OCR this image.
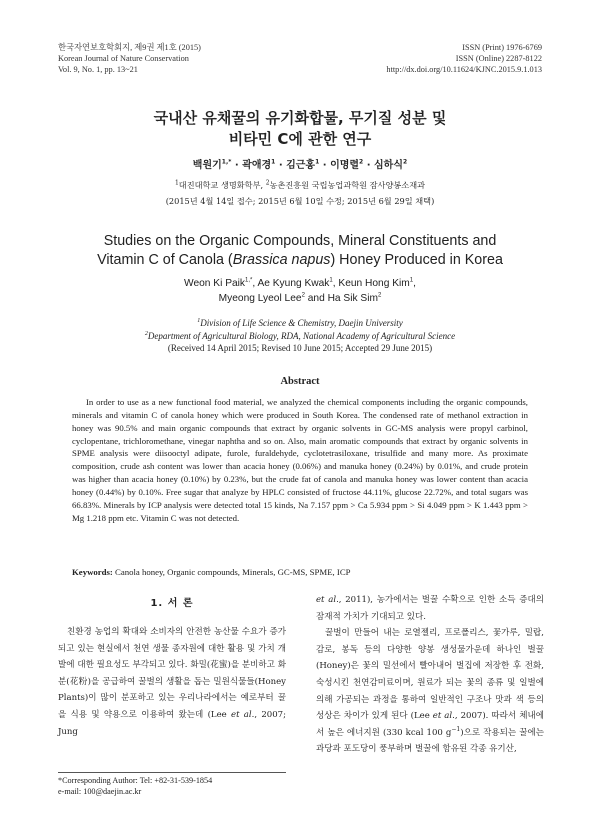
한국자연보호학회지, 제9권 제1호 (2015)
Korean Journal of Nature Conservation
Vol. 9, No. 1, pp. 13~21
ISSN (Print) 1976-6769
ISSN (Online) 2287-8122
http://dx.doi.org/10.11624/KJNC.2015.9.1.013
국내산 유채꿀의 유기화합물, 무기질 성분 및
비타민 C에 관한 연구
백원기$^{1,*}$ · 곽애경$^1$ · 김근홍$^1$ · 이명렬$^2$ · 심하식$^2$
$^1$대진대학교 생명화학부, $^2$농촌진흥원 국립농업과학원 잠사양봉소재과
(2015년 4월 14일 접수; 2015년 6월 10일 수정; 2015년 6월 29일 채택)
Studies on the Organic Compounds, Mineral Constituents and
Vitamin C of Canola (Brassica napus) Honey Produced in Korea
Weon Ki Paik$^{1,*}$, Ae Kyung Kwak$^1$, Keun Hong Kim$^1$,
Myeong Lyeol Lee$^2$ and Ha Sik Sim$^2$
$^1$Division of Life Science & Chemistry, Daejin University
$^2$Department of Agricultural Biology, RDA, National Academy of Agricultural Science
(Received 14 April 2015; Revised 10 June 2015; Accepted 29 June 2015)
Abstract

In order to use as a new functional food material, we analyzed the chemical components including the organic compounds, minerals and vitamin C of canola honey which were produced in South Korea. The condensed rate of methanol extraction in honey was 90.5% and main organic compounds that extract by organic solvents in GC-MS analysis were propyl carbinol, cyclopentane, trichloromethane, vinegar naphtha and so on. Also, main aromatic compounds that extract by organic solvents in SPME analysis were diisooctyl adipate, furole, furaldehyde, cyclotetrasiloxane, trisulfide and many more. As proximate composition, crude ash content was lower than acacia honey (0.06%) and manuka honey (0.24%) by 0.01%, and crude protein was higher than acacia honey (0.10%) by 0.23%, but the crude fat of canola and manuka honey was lower content than acacia honey (0.44%) by 0.10%. Free sugar that analyze by HPLC consisted of fructose 44.11%, glucose 22.72%, and total sugars was 66.83%. Minerals by ICP analysis were detected total 15 kinds, Na 7.157 ppm > Ca 5.934 ppm > Si 4.049 ppm > K 1.443 ppm > Mg 1.218 ppm etc. Vitamin C was not detected.

Keywords: Canola honey, Organic compounds, Minerals, GC-MS, SPME, ICP
1. 서 론

친환경 농업의 확대와 소비자의 안전한 농산물 수요가 증가되고 있는 현실에서 천연 생물 종자원에 대한 활용 및 가치 개발에 대한 필요성도 부각되고 있다. 화밀(花蜜)을 분비하고 화분(花粉)을 공급하여 꿀벌의 생활을 돕는 밀원식물들(Honey Plants)이 많이 분포하고 있는 우리나라에서는 예로부터 꿀을 식용 및 약용으로 이용하여 왔는데 (Lee et al., 2007; Jung

et al., 2011), 농가에서는 벌꿀 수확으로 인한 소득 증대의 잠재적 가치가 기대되고 있다.

꿀벌이 만들어 내는 로열젤리, 프로폴리스, 꽃가루, 밀랍, 감로, 봉독 등의 다양한 양봉 생성물가운데 하나인 벌꿀(Honey)은 꽃의 밀선에서 빨아내어 벌집에 저장한 후 전화, 숙성시킨 천연감미료이며, 원료가 되는 꽃의 종류 및 일벌에 의해 가공되는 과정을 통하여 일반적인 구조나 맛과 색 등의 성상은 차이가 있게 된다 (Lee et al., 2007). 따라서 체내에서 높은 에너지원 (330 kcal 100 $g^{-1}$)으로 작용되는 꿀에는 과당과 포도당이 풍부하며 벌꿀에 함유된 각종 유기산,

*Corresponding Author: Tel: +82-31-539-1854
e-mail: 100@daejin.ac.kr
